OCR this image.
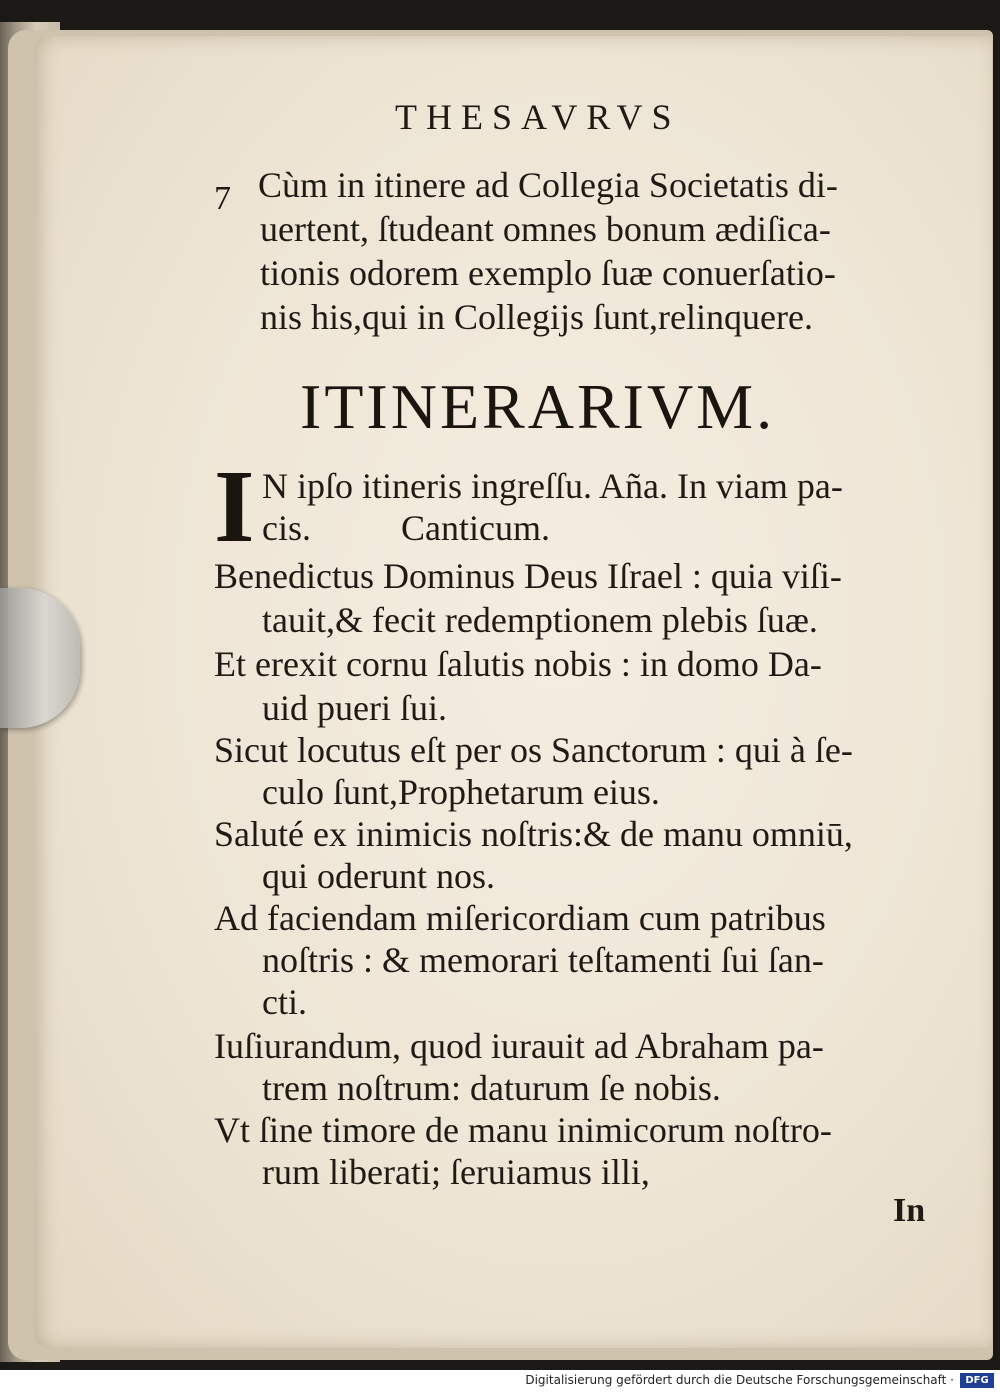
THESAVRVS
7 Cùm in itinere ad Collegia Societatis di-
uertent, ſtudeant omnes bonum ædiſica-
tionis odorem exemplo ſuæ conuerſatio-
nis his,qui in Collegijs ſunt,relinquere.
ITINERARIVM.
I N ipſo itineris ingreſſu. Aña. In viam pa-
cis.          Canticum.
Benedictus Dominus Deus Iſrael : quia viſi-
tauit,& fecit redemptionem plebis ſuæ.
Et erexit cornu ſalutis nobis : in domo Da-
uid pueri ſui.
Sicut locutus eſt per os Sanctorum : qui à ſe-
culo ſunt,Prophetarum eius.
Saluté ex inimicis noſtris:& de manu omniū,
qui oderunt nos.
Ad faciendam miſericordiam cum patribus
noſtris : & memorari teſtamenti ſui ſan-
cti.
Iuſiurandum, quod iurauit ad Abraham pa-
trem noſtrum: daturum ſe nobis.
Vt ſine timore de manu inimicorum noſtro-
rum liberati; ſeruiamus illi,
In
Digitalisierung gefördert durch die Deutsche Forschungsgemeinschaft ·	DFG
